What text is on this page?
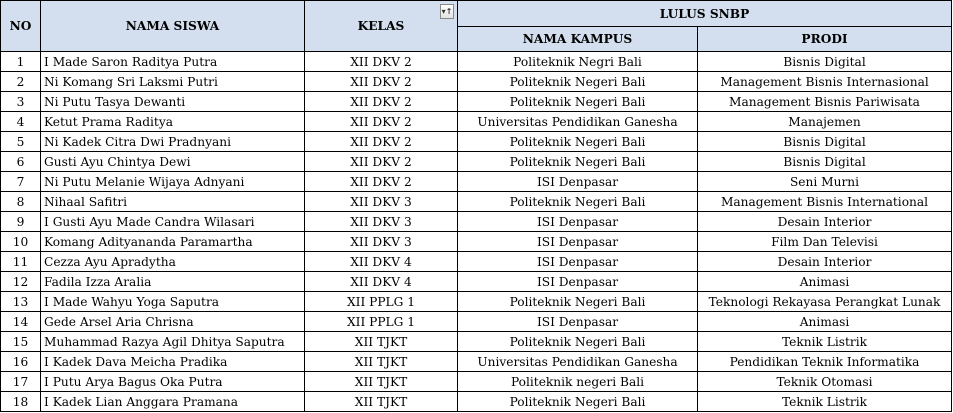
NO	NAMA SISWA	KELAS
▾↑	LULUS SNBP	
			NAMA KAMPUS	PRODI
1	I Made Saron Raditya Putra	XII DKV 2	Politeknik Negri Bali	Bisnis Digital
2	Ni Komang Sri Laksmi Putri	XII DKV 2	Politeknik Negeri Bali	Management Bisnis Internasional
3	Ni Putu Tasya Dewanti	XII DKV 2	Politeknik Negeri Bali	Management Bisnis Pariwisata
4	Ketut Prama Raditya	XII DKV 2	Universitas Pendidikan Ganesha	Manajemen
5	Ni Kadek Citra Dwi Pradnyani	XII DKV 2	Politeknik Negeri Bali	Bisnis Digital
6	Gusti Ayu Chintya Dewi	XII DKV 2	Politeknik Negeri Bali	Bisnis Digital
7	Ni Putu Melanie Wijaya Adnyani	XII DKV 2	ISI Denpasar	Seni Murni
8	Nihaal Safitri	XII DKV 3	Politeknik Negeri Bali	Management Bisnis International
9	I Gusti Ayu Made Candra Wilasari	XII DKV 3	ISI Denpasar	Desain Interior
10	Komang Adityananda Paramartha	XII DKV 3	ISI Denpasar	Film Dan Televisi
11	Cezza Ayu Apradytha	XII DKV 4	ISI Denpasar	Desain Interior
12	Fadila Izza Aralia	XII DKV 4	ISI Denpasar	Animasi
13	I Made Wahyu Yoga Saputra	XII PPLG 1	Politeknik Negeri Bali	Teknologi Rekayasa Perangkat Lunak
14	Gede Arsel Aria Chrisna	XII PPLG 1	ISI Denpasar	Animasi
15	Muhammad Razya Agil Dhitya Saputra	XII TJKT	Politeknik Negeri Bali	Teknik Listrik
16	I Kadek Dava Meicha Pradika	XII TJKT	Universitas Pendidikan Ganesha	Pendidikan Teknik Informatika
17	I Putu Arya Bagus Oka Putra	XII TJKT	Politeknik negeri Bali	Teknik Otomasi
18	I Kadek Lian Anggara Pramana	XII TJKT	Politeknik Negeri Bali	Teknik Listrik
